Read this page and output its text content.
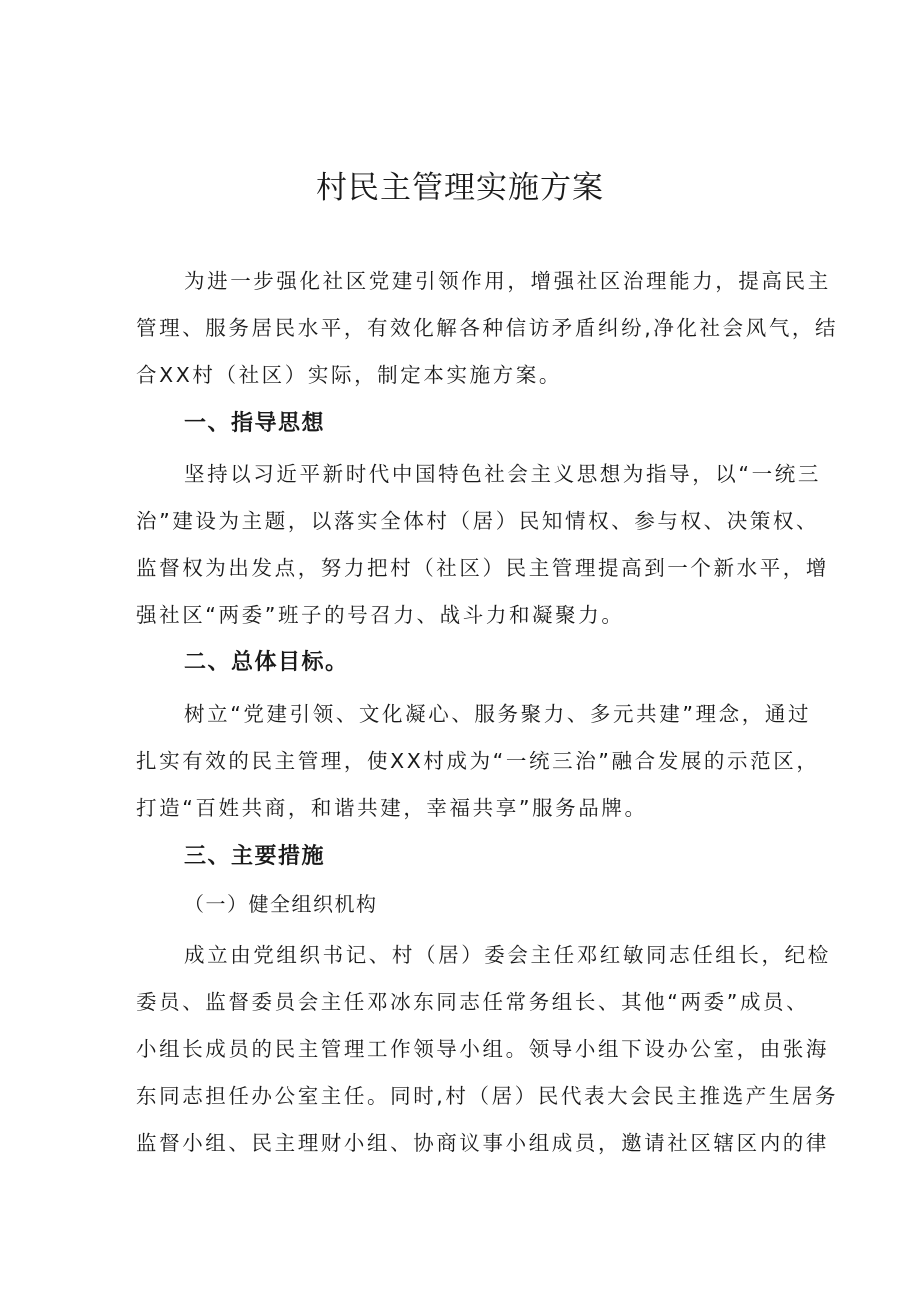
村民主管理实施方案
为进一步强化社区党建引领作用，增强社区治理能力，提高民主
管理、服务居民水平，有效化解各种信访矛盾纠纷,净化社会风气，结
合XX村（社区）实际，制定本实施方案。
一、指导思想
坚持以习近平新时代中国特色社会主义思想为指导，以“一统三
治”建设为主题，以落实全体村（居）民知情权、参与权、决策权、
监督权为出发点，努力把村（社区）民主管理提高到一个新水平，增
强社区“两委”班子的号召力、战斗力和凝聚力。
二、总体目标。
树立“党建引领、文化凝心、服务聚力、多元共建”理念，通过
扎实有效的民主管理，使XX村成为“一统三治”融合发展的示范区，
打造“百姓共商，和谐共建，幸福共享”服务品牌。
三、主要措施
（一）健全组织机构
成立由党组织书记、村（居）委会主任邓红敏同志任组长，纪检
委员、监督委员会主任邓冰东同志任常务组长、其他“两委”成员、
小组长成员的民主管理工作领导小组。领导小组下设办公室，由张海
东同志担任办公室主任。同时,村（居）民代表大会民主推选产生居务
监督小组、民主理财小组、协商议事小组成员，邀请社区辖区内的律
